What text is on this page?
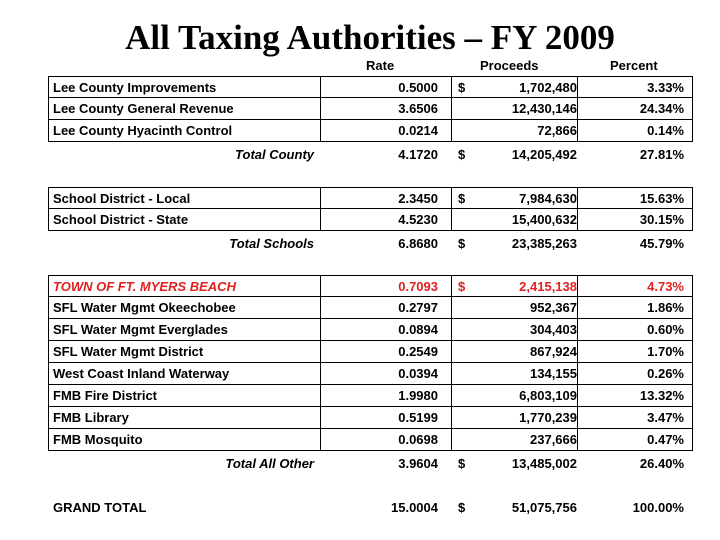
All Taxing Authorities – FY 2009
Rate	Proceeds	Percent
Lee County Improvements	0.5000 $	1,702,480	3.33%
Lee County General Revenue	3.6506	12,430,146	24.34%
Lee County Hyacinth Control	0.0214	72,866	0.14%
Total County	4.1720 $	14,205,492	27.81%
School District - Local	2.3450 $	7,984,630	15.63%
School District - State	4.5230	15,400,632	30.15%
Total Schools	6.8680 $	23,385,263	45.79%
TOWN OF FT. MYERS BEACH	0.7093 $	2,415,138	4.73%
SFL Water Mgmt Okeechobee	0.2797	952,367	1.86%
SFL Water Mgmt Everglades	0.0894	304,403	0.60%
SFL Water Mgmt District	0.2549	867,924	1.70%
West Coast Inland Waterway	0.0394	134,155	0.26%
FMB Fire District	1.9980	6,803,109	13.32%
FMB Library	0.5199	1,770,239	3.47%
FMB Mosquito	0.0698	237,666	0.47%
Total All Other	3.9604 $	13,485,002	26.40%
GRAND TOTAL	15.0004 $	51,075,756	100.00%
